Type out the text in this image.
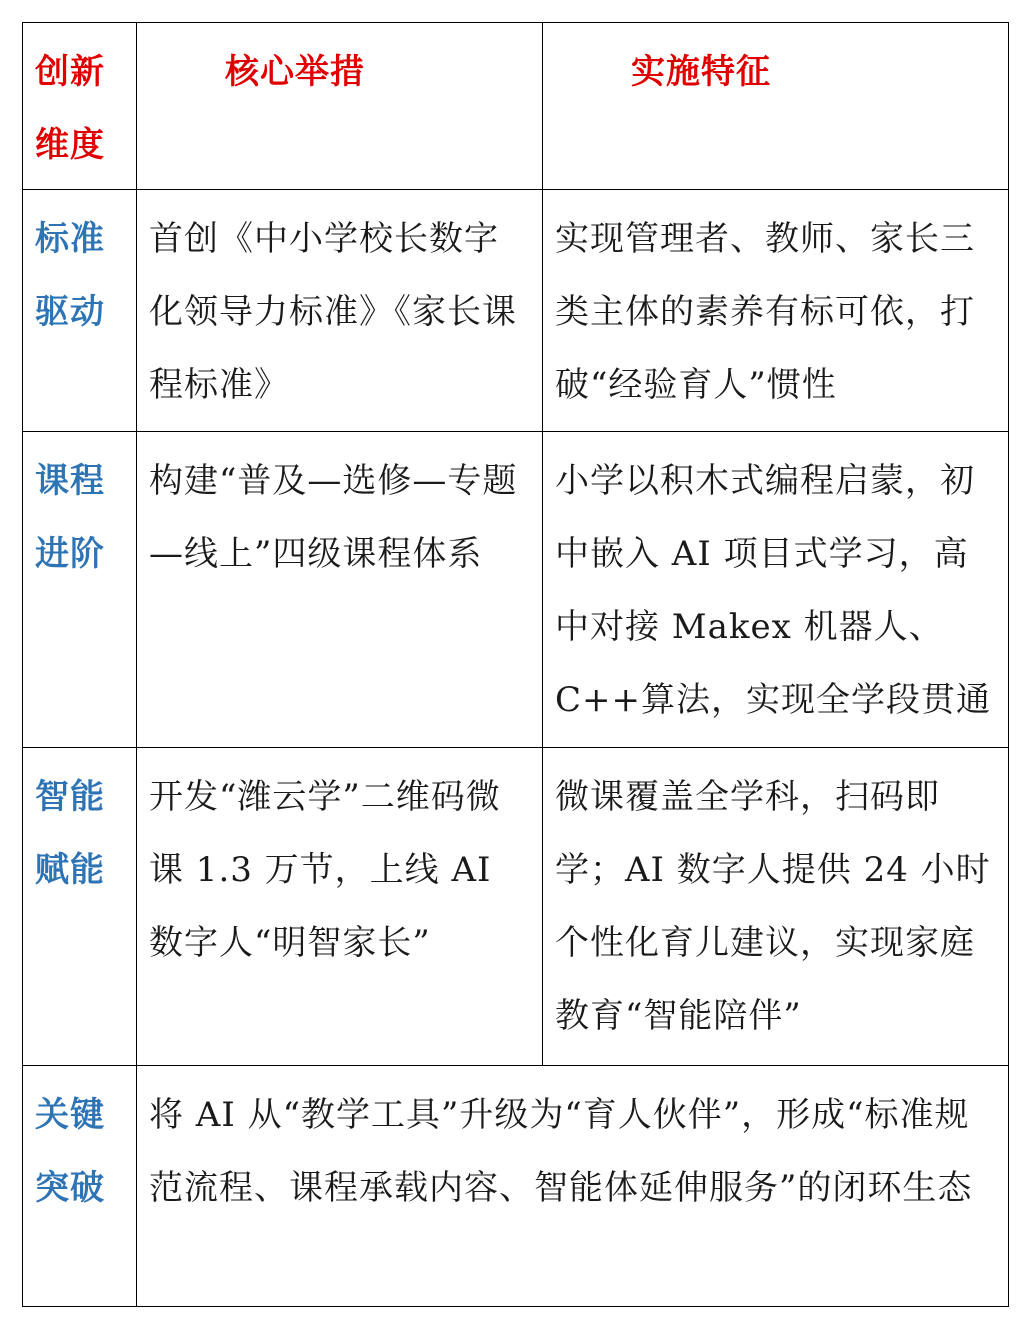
创新维度	核心举措	实施特征

标准驱动	首创《中小学校长数字化领导力标准》《家长课程标准》	实现管理者、教师、家长三类主体的素养有标可依，打破“经验育人”惯性

课程进阶	构建“普及—选修—专题—线上”四级课程体系	小学以积木式编程启蒙，初中嵌入 AI 项目式学习，高中对接 Makex 机器人、C++算法，实现全学段贯通

智能赋能	开发“潍云学”二维码微课 1.3 万节，上线 AI 数字人“明智家长”	微课覆盖全学科，扫码即学；AI 数字人提供 24 小时个性化育儿建议，实现家庭教育“智能陪伴”

关键突破	将 AI 从“教学工具”升级为“育人伙伴”，形成“标准规范流程、课程承载内容、智能体延伸服务”的闭环生态	
